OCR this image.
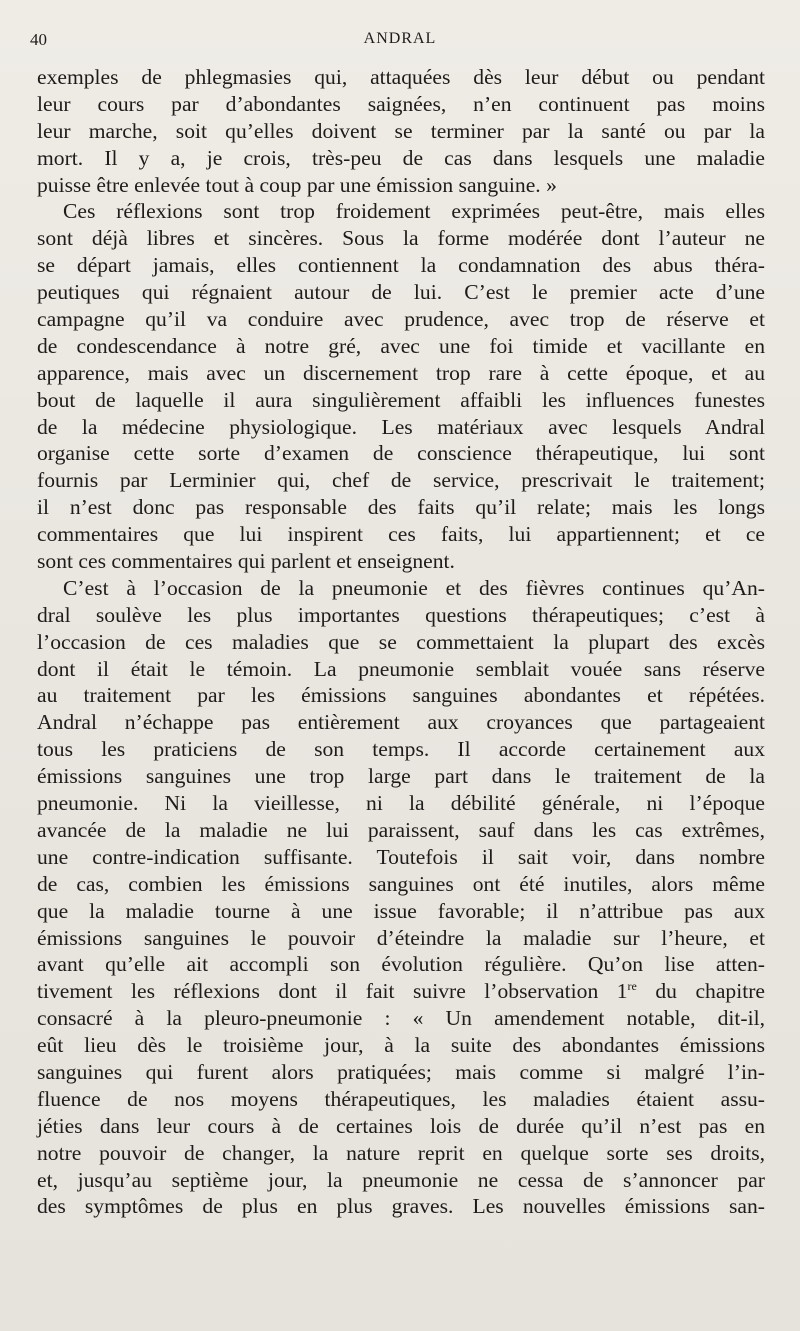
40	ANDRAL
exemples de phlegmasies qui, attaquées dès leur début ou pendant
leur cours par d’abondantes saignées, n’en continuent pas moins
leur marche, soit qu’elles doivent se terminer par la santé ou par la
mort. Il y a, je crois, très-peu de cas dans lesquels une maladie
puisse être enlevée tout à coup par une émission sanguine. »
Ces réflexions sont trop froidement exprimées peut-être, mais elles
sont déjà libres et sincères. Sous la forme modérée dont l’auteur ne
se départ jamais, elles contiennent la condamnation des abus théra-
peutiques qui régnaient autour de lui. C’est le premier acte d’une
campagne qu’il va conduire avec prudence, avec trop de réserve et
de condescendance à notre gré, avec une foi timide et vacillante en
apparence, mais avec un discernement trop rare à cette époque, et au
bout de laquelle il aura singulièrement affaibli les influences funestes
de la médecine physiologique. Les matériaux avec lesquels Andral
organise cette sorte d’examen de conscience thérapeutique, lui sont
fournis par Lerminier qui, chef de service, prescrivait le traitement;
il n’est donc pas responsable des faits qu’il relate; mais les longs
commentaires que lui inspirent ces faits, lui appartiennent; et ce
sont ces commentaires qui parlent et enseignent.
C’est à l’occasion de la pneumonie et des fièvres continues qu’An-
dral soulève les plus importantes questions thérapeutiques; c’est à
l’occasion de ces maladies que se commettaient la plupart des excès
dont il était le témoin. La pneumonie semblait vouée sans réserve
au traitement par les émissions sanguines abondantes et répétées.
Andral n’échappe pas entièrement aux croyances que partageaient
tous les praticiens de son temps. Il accorde certainement aux
émissions sanguines une trop large part dans le traitement de la
pneumonie. Ni la vieillesse, ni la débilité générale, ni l’époque
avancée de la maladie ne lui paraissent, sauf dans les cas extrêmes,
une contre-indication suffisante. Toutefois il sait voir, dans nombre
de cas, combien les émissions sanguines ont été inutiles, alors même
que la maladie tourne à une issue favorable; il n’attribue pas aux
émissions sanguines le pouvoir d’éteindre la maladie sur l’heure, et
avant qu’elle ait accompli son évolution régulière. Qu’on lise atten-
tivement les réflexions dont il fait suivre l’observation 1re du chapitre
consacré à la pleuro-pneumonie : « Un amendement notable, dit-il,
eût lieu dès le troisième jour, à la suite des abondantes émissions
sanguines qui furent alors pratiquées; mais comme si malgré l’in-
fluence de nos moyens thérapeutiques, les maladies étaient assu-
jéties dans leur cours à de certaines lois de durée qu’il n’est pas en
notre pouvoir de changer, la nature reprit en quelque sorte ses droits,
et, jusqu’au septième jour, la pneumonie ne cessa de s’annoncer par
des symptômes de plus en plus graves. Les nouvelles émissions san-
